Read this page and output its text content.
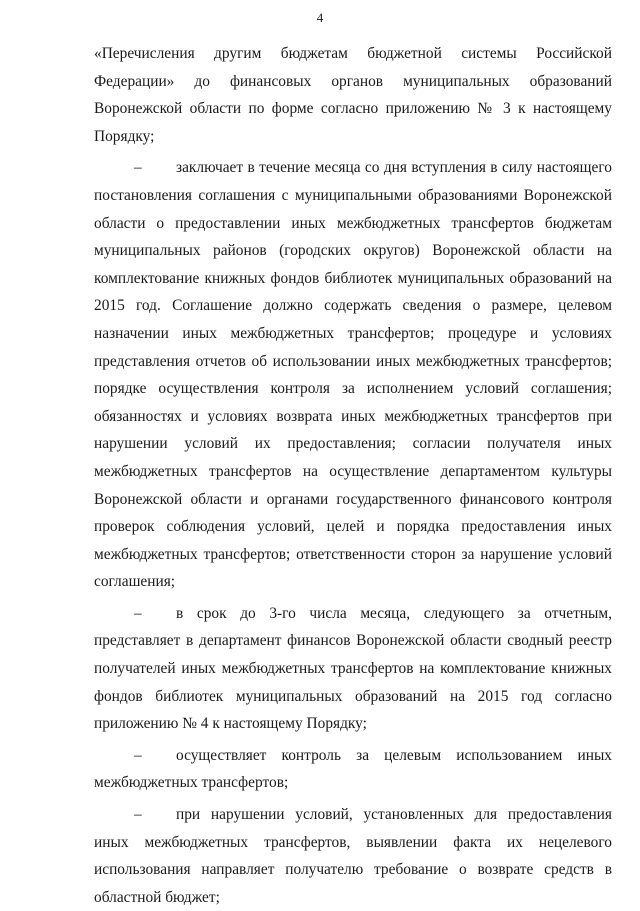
4

«Перечисления другим бюджетам бюджетной системы Российской Федерации» до финансовых органов муниципальных образований Воронежской области по форме согласно приложению № 3 к настоящему Порядку;

– заключает в течение месяца со дня вступления в силу настоящего постановления соглашения с муниципальными образованиями Воронежской области о предоставлении иных межбюджетных трансфертов бюджетам муниципальных районов (городских округов) Воронежской области на комплектование книжных фондов библиотек муниципальных образований на 2015 год. Соглашение должно содержать сведения о размере, целевом назначении иных межбюджетных трансфертов; процедуре и условиях представления отчетов об использовании иных межбюджетных трансфертов; порядке осуществления контроля за исполнением условий соглашения; обязанностях и условиях возврата иных межбюджетных трансфертов при нарушении условий их предоставления; согласии получателя иных межбюджетных трансфертов на осуществление департаментом культуры Воронежской области и органами государственного финансового контроля проверок соблюдения условий, целей и порядка предоставления иных межбюджетных трансфертов; ответственности сторон за нарушение условий соглашения;

– в срок до 3-го числа месяца, следующего за отчетным, представляет в департамент финансов Воронежской области сводный реестр получателей иных межбюджетных трансфертов на комплектование книжных фондов библиотек муниципальных образований на 2015 год согласно приложению № 4 к настоящему Порядку;

– осуществляет контроль за целевым использованием иных межбюджетных трансфертов;

– при нарушении условий, установленных для предоставления иных межбюджетных трансфертов, выявлении факта их нецелевого использования направляет получателю требование о возврате средств в областной бюджет;
